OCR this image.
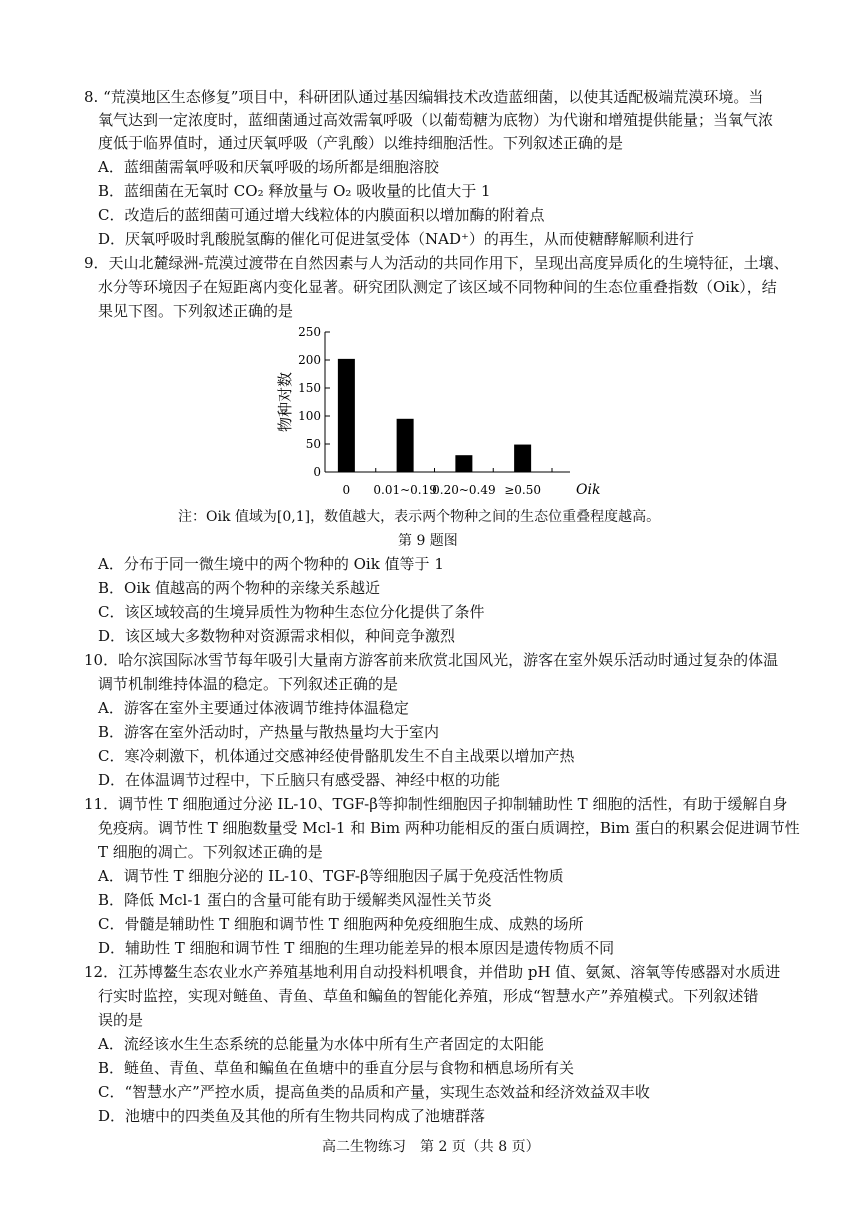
8. “荒漠地区生态修复”项目中，科研团队通过基因编辑技术改造蓝细菌，以使其适配极端荒漠环境。当
氧气达到一定浓度时，蓝细菌通过高效需氧呼吸（以葡萄糖为底物）为代谢和增殖提供能量；当氧气浓
度低于临界值时，通过厌氧呼吸（产乳酸）以维持细胞活性。下列叙述正确的是
A．蓝细菌需氧呼吸和厌氧呼吸的场所都是细胞溶胶
B．蓝细菌在无氧时 CO₂ 释放量与 O₂ 吸收量的比值大于 1
C．改造后的蓝细菌可通过增大线粒体的内膜面积以增加酶的附着点
D．厌氧呼吸时乳酸脱氢酶的催化可促进氢受体（NAD⁺）的再生，从而使糖酵解顺利进行
9．天山北麓绿洲-荒漠过渡带在自然因素与人为活动的共同作用下，呈现出高度异质化的生境特征，土壤、
水分等环境因子在短距离内变化显著。研究团队测定了该区域不同物种间的生态位重叠指数（Oik），结
果见下图。下列叙述正确的是
0
50
100
150
200
250
0 0.01~0.19
0.20~0.49 ≥0.50
物种对数
Oik
注：Oik 值域为[0,1]，数值越大，表示两个物种之间的生态位重叠程度越高。
第 9 题图
A．分布于同一微生境中的两个物种的 Oik 值等于 1
B．Oik 值越高的两个物种的亲缘关系越近
C．该区域较高的生境异质性为物种生态位分化提供了条件
D．该区域大多数物种对资源需求相似，种间竞争激烈
10．哈尔滨国际冰雪节每年吸引大量南方游客前来欣赏北国风光，游客在室外娱乐活动时通过复杂的体温
调节机制维持体温的稳定。下列叙述正确的是
A．游客在室外主要通过体液调节维持体温稳定
B．游客在室外活动时，产热量与散热量均大于室内
C．寒冷刺激下，机体通过交感神经使骨骼肌发生不自主战栗以增加产热
D．在体温调节过程中，下丘脑只有感受器、神经中枢的功能
11．调节性 T 细胞通过分泌 IL-10、TGF-β等抑制性细胞因子抑制辅助性 T 细胞的活性，有助于缓解自身
免疫病。调节性 T 细胞数量受 Mcl-1 和 Bim 两种功能相反的蛋白质调控，Bim 蛋白的积累会促进调节性
T 细胞的凋亡。下列叙述正确的是
A．调节性 T 细胞分泌的 IL-10、TGF-β等细胞因子属于免疫活性物质
B．降低 Mcl-1 蛋白的含量可能有助于缓解类风湿性关节炎
C．骨髓是辅助性 T 细胞和调节性 T 细胞两种免疫细胞生成、成熟的场所
D．辅助性 T 细胞和调节性 T 细胞的生理功能差异的根本原因是遗传物质不同
12．江苏博鳌生态农业水产养殖基地利用自动投料机喂食，并借助 pH 值、氨氮、溶氧等传感器对水质进
行实时监控，实现对鲢鱼、青鱼、草鱼和鳊鱼的智能化养殖，形成“智慧水产”养殖模式。下列叙述错
误的是
A．流经该水生生态系统的总能量为水体中所有生产者固定的太阳能
B．鲢鱼、青鱼、草鱼和鳊鱼在鱼塘中的垂直分层与食物和栖息场所有关
C．“智慧水产”严控水质，提高鱼类的品质和产量，实现生态效益和经济效益双丰收
D．池塘中的四类鱼及其他的所有生物共同构成了池塘群落
高二生物练习　第 2 页（共 8 页）
